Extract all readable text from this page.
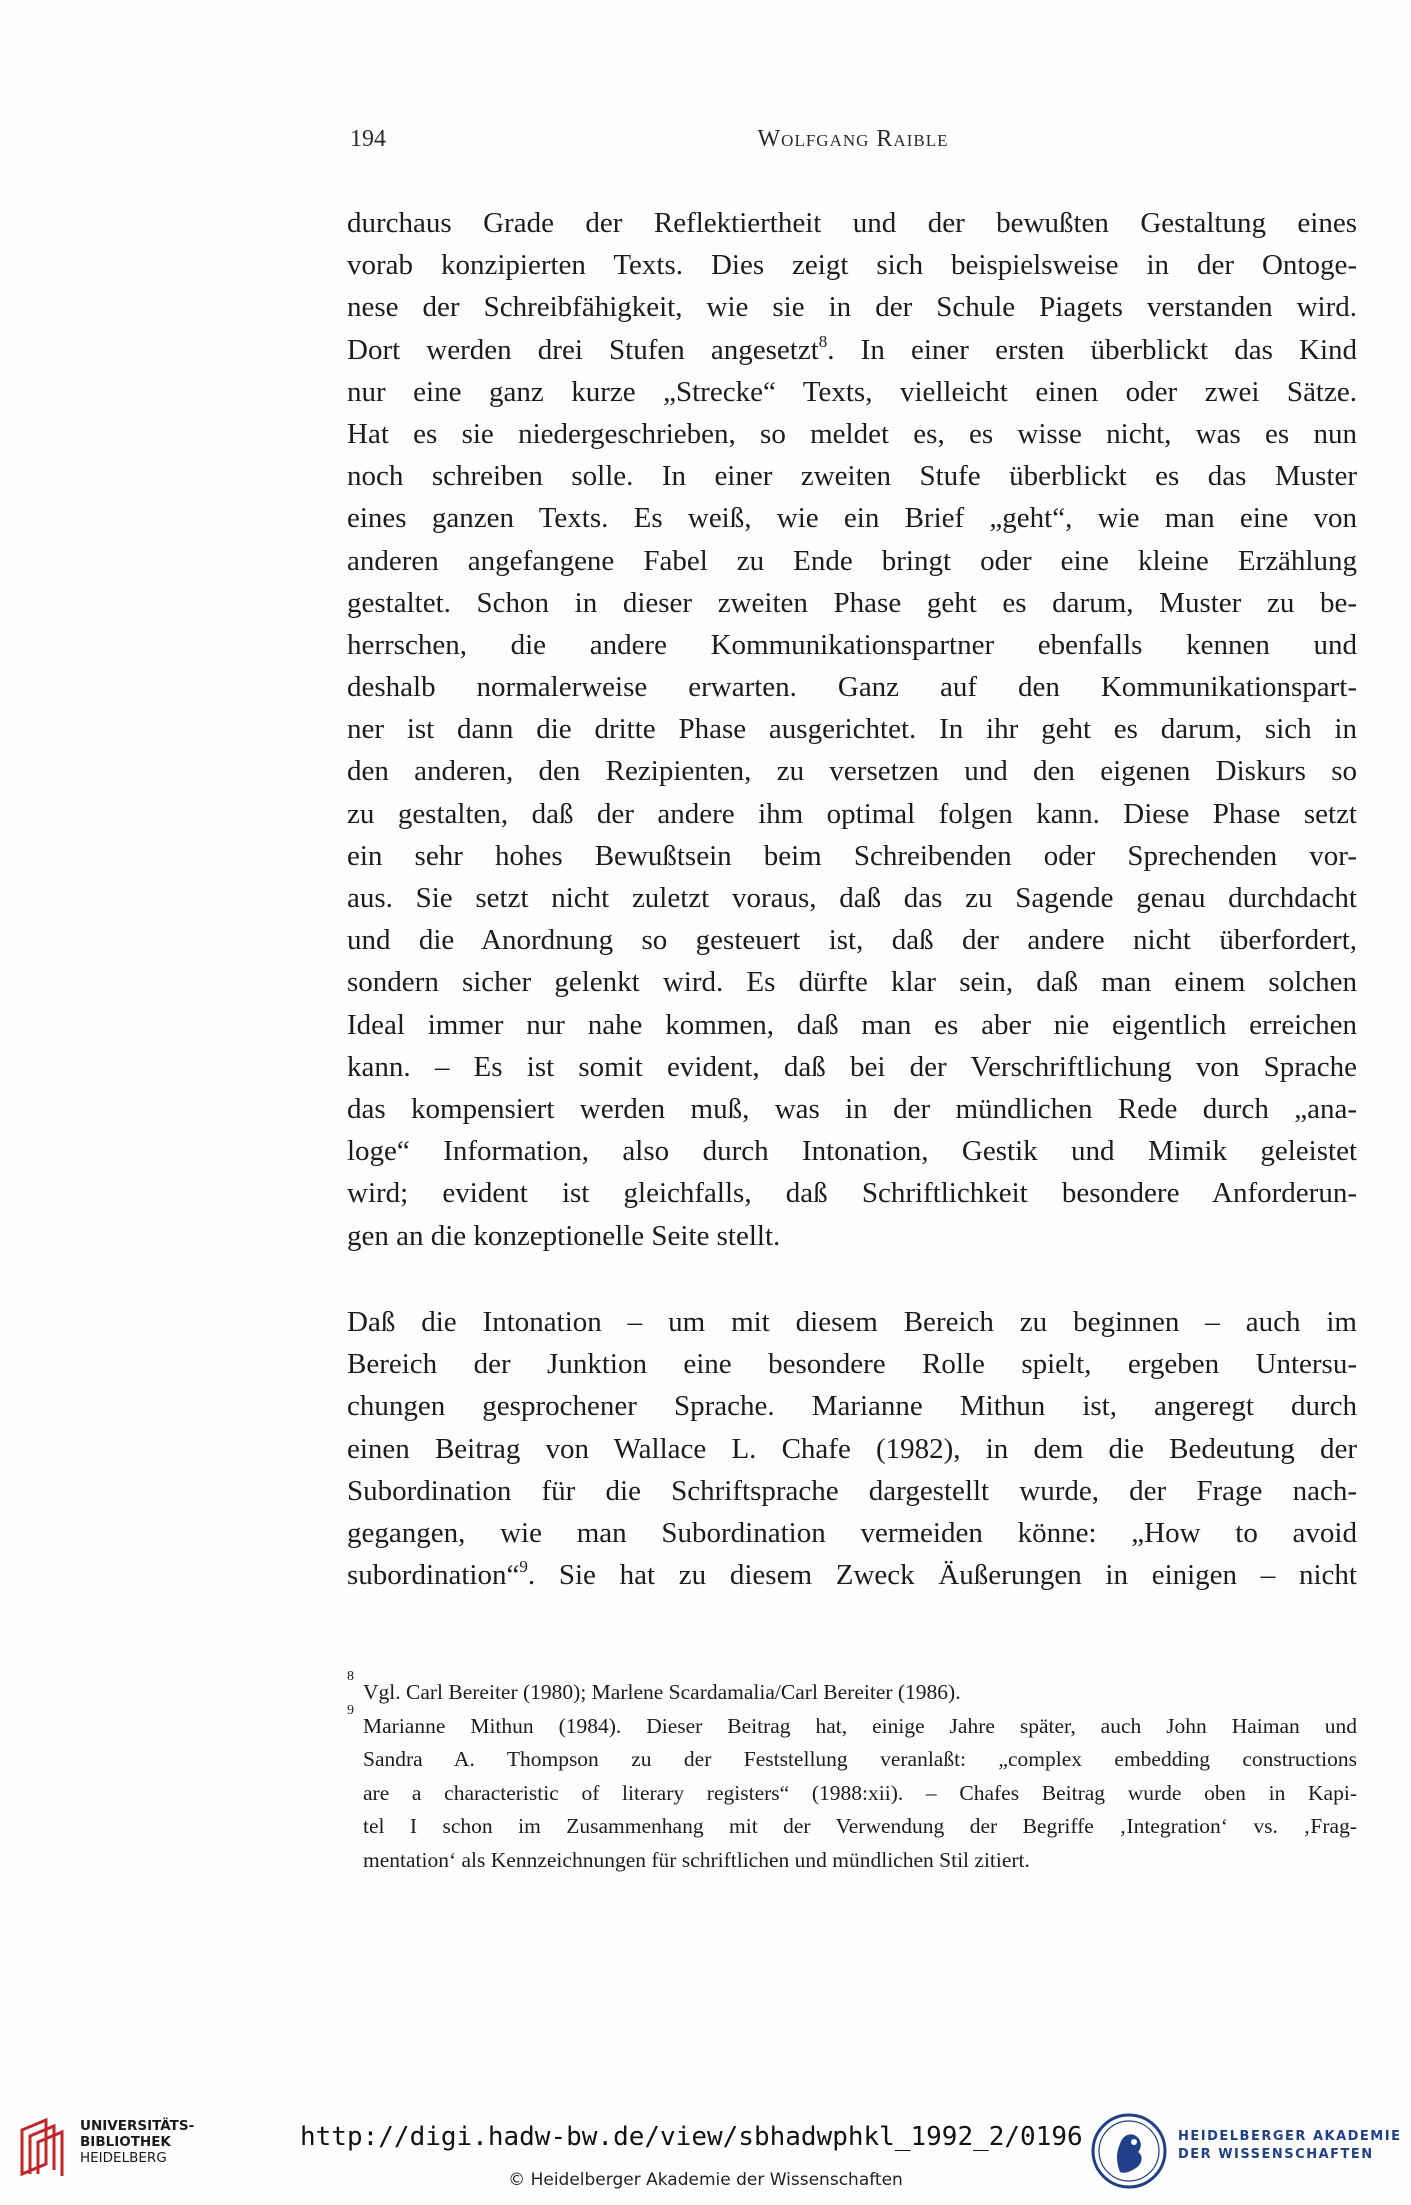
194	Wolfgang Raible
durchaus Grade der Reflektiertheit und der bewußten Gestaltung eines
vorab konzipierten Texts. Dies zeigt sich beispielsweise in der Ontoge-
nese der Schreibfähigkeit, wie sie in der Schule Piagets verstanden wird.
Dort werden drei Stufen angesetzt$^8$. In einer ersten überblickt das Kind
nur eine ganz kurze „Strecke“ Texts, vielleicht einen oder zwei Sätze.
Hat es sie niedergeschrieben, so meldet es, es wisse nicht, was es nun
noch schreiben solle. In einer zweiten Stufe überblickt es das Muster
eines ganzen Texts. Es weiß, wie ein Brief „geht“, wie man eine von
anderen angefangene Fabel zu Ende bringt oder eine kleine Erzählung
gestaltet. Schon in dieser zweiten Phase geht es darum, Muster zu be-
herrschen, die andere Kommunikationspartner ebenfalls kennen und
deshalb normalerweise erwarten. Ganz auf den Kommunikationspart-
ner ist dann die dritte Phase ausgerichtet. In ihr geht es darum, sich in
den anderen, den Rezipienten, zu versetzen und den eigenen Diskurs so
zu gestalten, daß der andere ihm optimal folgen kann. Diese Phase setzt
ein sehr hohes Bewußtsein beim Schreibenden oder Sprechenden vor-
aus. Sie setzt nicht zuletzt voraus, daß das zu Sagende genau durchdacht
und die Anordnung so gesteuert ist, daß der andere nicht überfordert,
sondern sicher gelenkt wird. Es dürfte klar sein, daß man einem solchen
Ideal immer nur nahe kommen, daß man es aber nie eigentlich erreichen
kann. – Es ist somit evident, daß bei der Verschriftlichung von Sprache
das kompensiert werden muß, was in der mündlichen Rede durch „ana-
loge“ Information, also durch Intonation, Gestik und Mimik geleistet
wird; evident ist gleichfalls, daß Schriftlichkeit besondere Anforderun-
gen an die konzeptionelle Seite stellt.
Daß die Intonation – um mit diesem Bereich zu beginnen – auch im
Bereich der Junktion eine besondere Rolle spielt, ergeben Untersu-
chungen gesprochener Sprache. Marianne Mithun ist, angeregt durch
einen Beitrag von Wallace L. Chafe (1982), in dem die Bedeutung der
Subordination für die Schriftsprache dargestellt wurde, der Frage nach-
gegangen, wie man Subordination vermeiden könne: „How to avoid
subordination“$^9$. Sie hat zu diesem Zweck Äußerungen in einigen – nicht
8
Vgl. Carl Bereiter (1980); Marlene Scardamalia/Carl Bereiter (1986).
9
Marianne Mithun (1984). Dieser Beitrag hat, einige Jahre später, auch John Haiman und
Sandra A. Thompson zu der Feststellung veranlaßt: „complex embedding constructions
are a characteristic of literary registers“ (1988:xii). – Chafes Beitrag wurde oben in Kapi-
tel I schon im Zusammenhang mit der Verwendung der Begriffe ‚Integration‘ vs. ‚Frag-
mentation‘ als Kennzeichnungen für schriftlichen und mündlichen Stil zitiert.
UNIVERSITÄTS-
BIBLIOTHEK
HEIDELBERG
http://digi.hadw-bw.de/view/sbhadwphkl_1992_2/0196
© Heidelberger Akademie der Wissenschaften
HEIDELBERGER AKADEMIE
DER WISSENSCHAFTEN
